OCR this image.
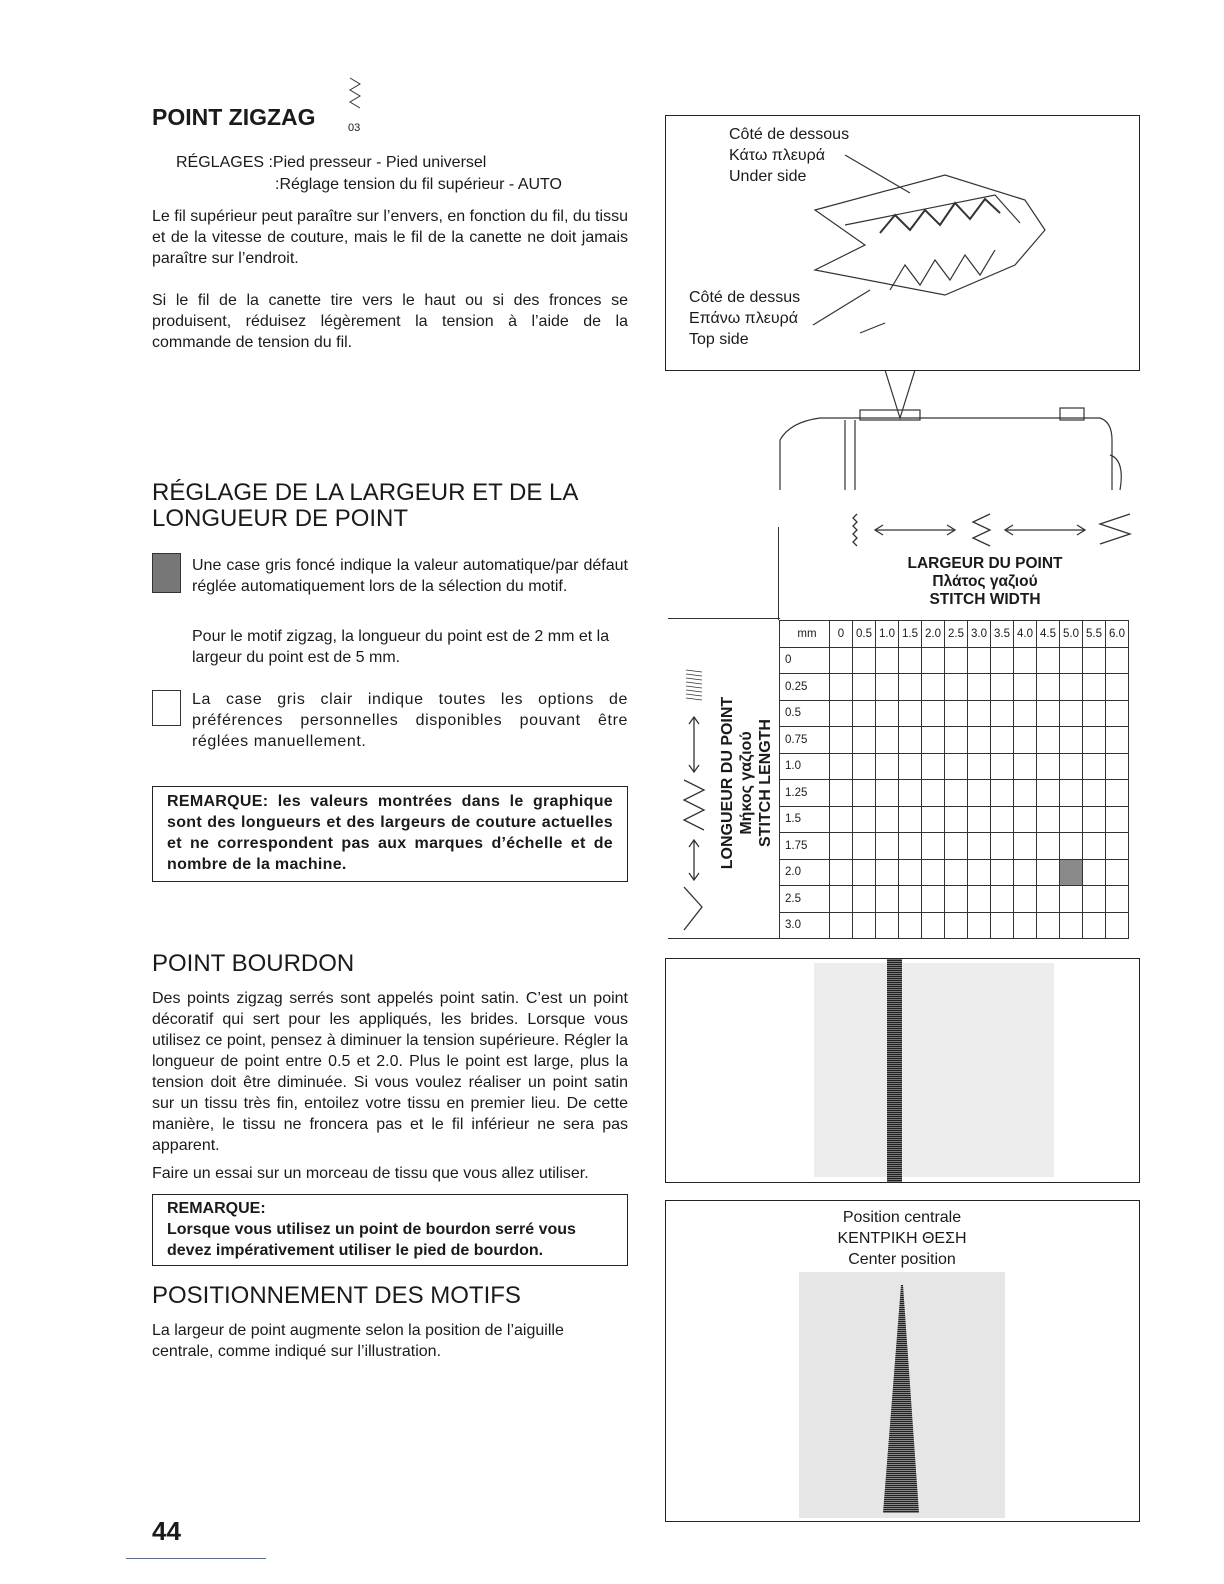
POINT ZIGZAG	03
RÉGLAGES :Pied presseur - Pied universel
:Réglage tension du fil supérieur - AUTO
Le fil supérieur peut paraître sur l’envers, en fonction du fil, du tissu et de la vitesse de couture, mais le fil de la canette ne doit jamais paraître sur l’endroit.
Si le fil de la canette tire vers le haut ou si des fronces se produisent, réduisez légèrement la tension à l’aide de la commande de tension du fil.
RÉGLAGE DE LA LARGEUR ET DE LA
LONGUEUR DE POINT
Une case gris foncé indique la valeur automatique/par défaut réglée automatiquement lors de la sélection du motif.
Pour le motif zigzag, la longueur du point est de 2 mm et la largeur du point est de 5 mm.
La case gris clair indique toutes les options de préférences personnelles disponibles pouvant être réglées manuellement.
REMARQUE: les valeurs montrées dans le graphique sont des longueurs et des largeurs de couture actuelles et ne correspondent pas aux marques d’échelle et de nombre de la machine.
POINT BOURDON
Des points zigzag serrés sont appelés point satin. C’est un point décoratif qui sert pour les appliqués, les brides. Lorsque vous utilisez ce point, pensez à diminuer la tension supérieure. Régler la longueur de point entre 0.5 et 2.0. Plus le point est large, plus la tension doit être diminuée. Si vous voulez réaliser un point satin sur un tissu très fin, entoilez votre tissu en premier lieu. De cette manière, le tissu ne froncera pas et le fil inférieur ne sera pas apparent.
Faire un essai sur un morceau de tissu que vous allez utiliser.
REMARQUE:
Lorsque vous utilisez un point de bourdon serré vous devez impérativement utiliser le pied de bourdon.
POSITIONNEMENT DES MOTIFS
La largeur de point augmente selon la position de l’aiguille centrale, comme indiqué sur l’illustration.
44
Côté de dessous
Κάτω πλευρά
Under side
Côté de dessus
Επάνω πλευρά
Top side
LARGEUR DU POINT
Πλάτος γαζιού
STITCH WIDTH
LONGUEUR DU POINT Μήκος γαζιού STITCH LENGTH
mm	0	0.5	1.0	1.5	2.0	2.5	3.0	3.5	4.0	4.5	5.0	5.5	6.0
0													
0.25													
0.5													
0.75													
1.0													
1.25													
1.5													
1.75													
2.0													
2.5													
3.0													
Position centrale
ΚΕΝΤΡΙΚΗ ΘΕΣΗ
Center position
